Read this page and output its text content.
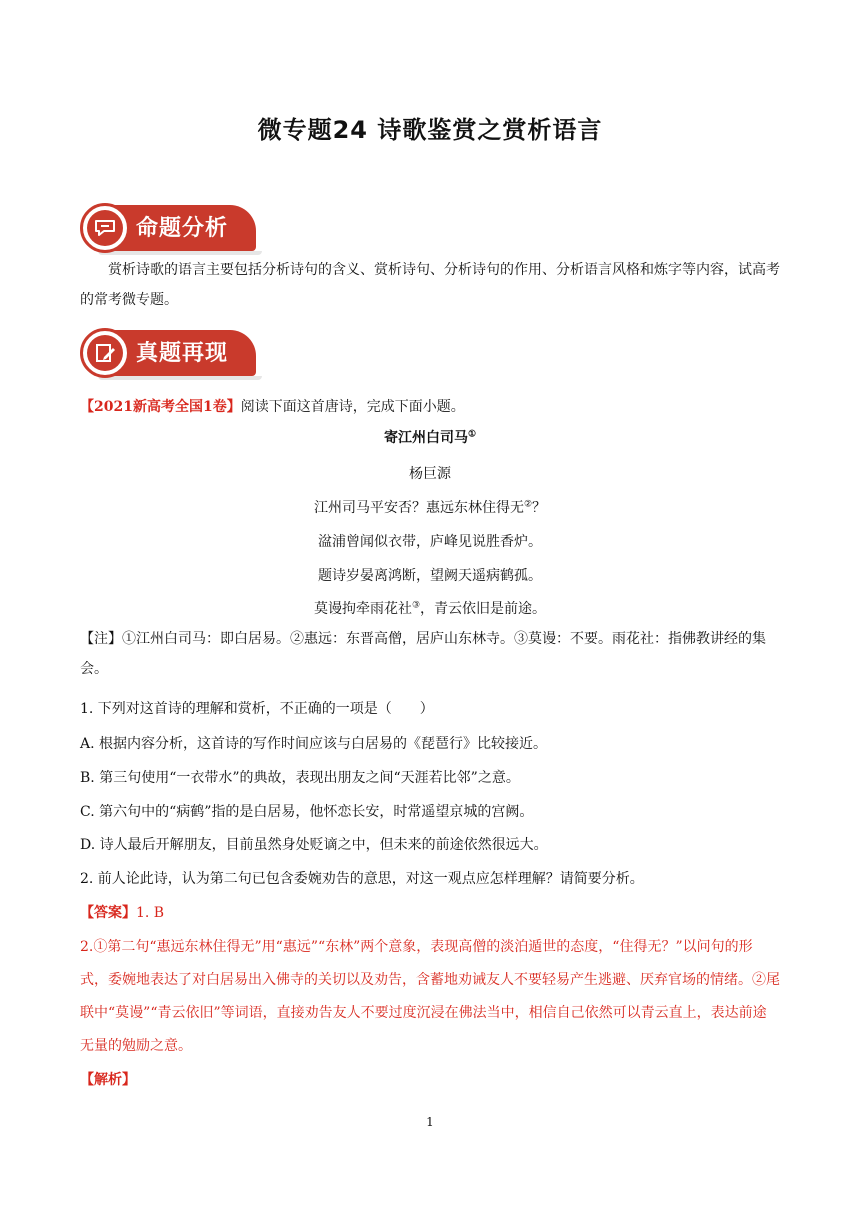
微专题24 诗歌鉴赏之赏析语言
命题分析
赏析诗歌的语言主要包括分析诗句的含义、赏析诗句、分析诗句的作用、分析语言风格和炼字等内容，试高考的常考微专题。
真题再现
【2021新高考全国1卷】阅读下面这首唐诗，完成下面小题。
寄江州白司马①
杨巨源
江州司马平安否？惠远东林住得无②？
湓浦曾闻似衣带，庐峰见说胜香炉。
题诗岁晏离鸿断，望阙天遥病鹤孤。
莫谩拘牵雨花社③，青云依旧是前途。
【注】①江州白司马：即白居易。②惠远：东晋高僧，居庐山东林寺。③莫谩：不要。雨花社：指佛教讲经的集会。
1. 下列对这首诗的理解和赏析，不正确的一项是（　　）
A. 根据内容分析，这首诗的写作时间应该与白居易的《琵琶行》比较接近。
B. 第三句使用“一衣带水”的典故，表现出朋友之间“天涯若比邻”之意。
C. 第六句中的“病鹤”指的是白居易，他怀恋长安，时常遥望京城的宫阙。
D. 诗人最后开解朋友，目前虽然身处贬谪之中，但未来的前途依然很远大。
2. 前人论此诗，认为第二句已包含委婉劝告的意思，对这一观点应怎样理解？请简要分析。
【答案】1. B
2.①第二句“惠远东林住得无”用“惠远”“东林”两个意象，表现高僧的淡泊遁世的态度，“住得无？”以问句的形式，委婉地表达了对白居易出入佛寺的关切以及劝告，含蓄地劝诫友人不要轻易产生逃避、厌弃官场的情绪。②尾联中“莫谩”“青云依旧”等词语，直接劝告友人不要过度沉浸在佛法当中，相信自己依然可以青云直上，表达前途无量的勉励之意。
【解析】
1
